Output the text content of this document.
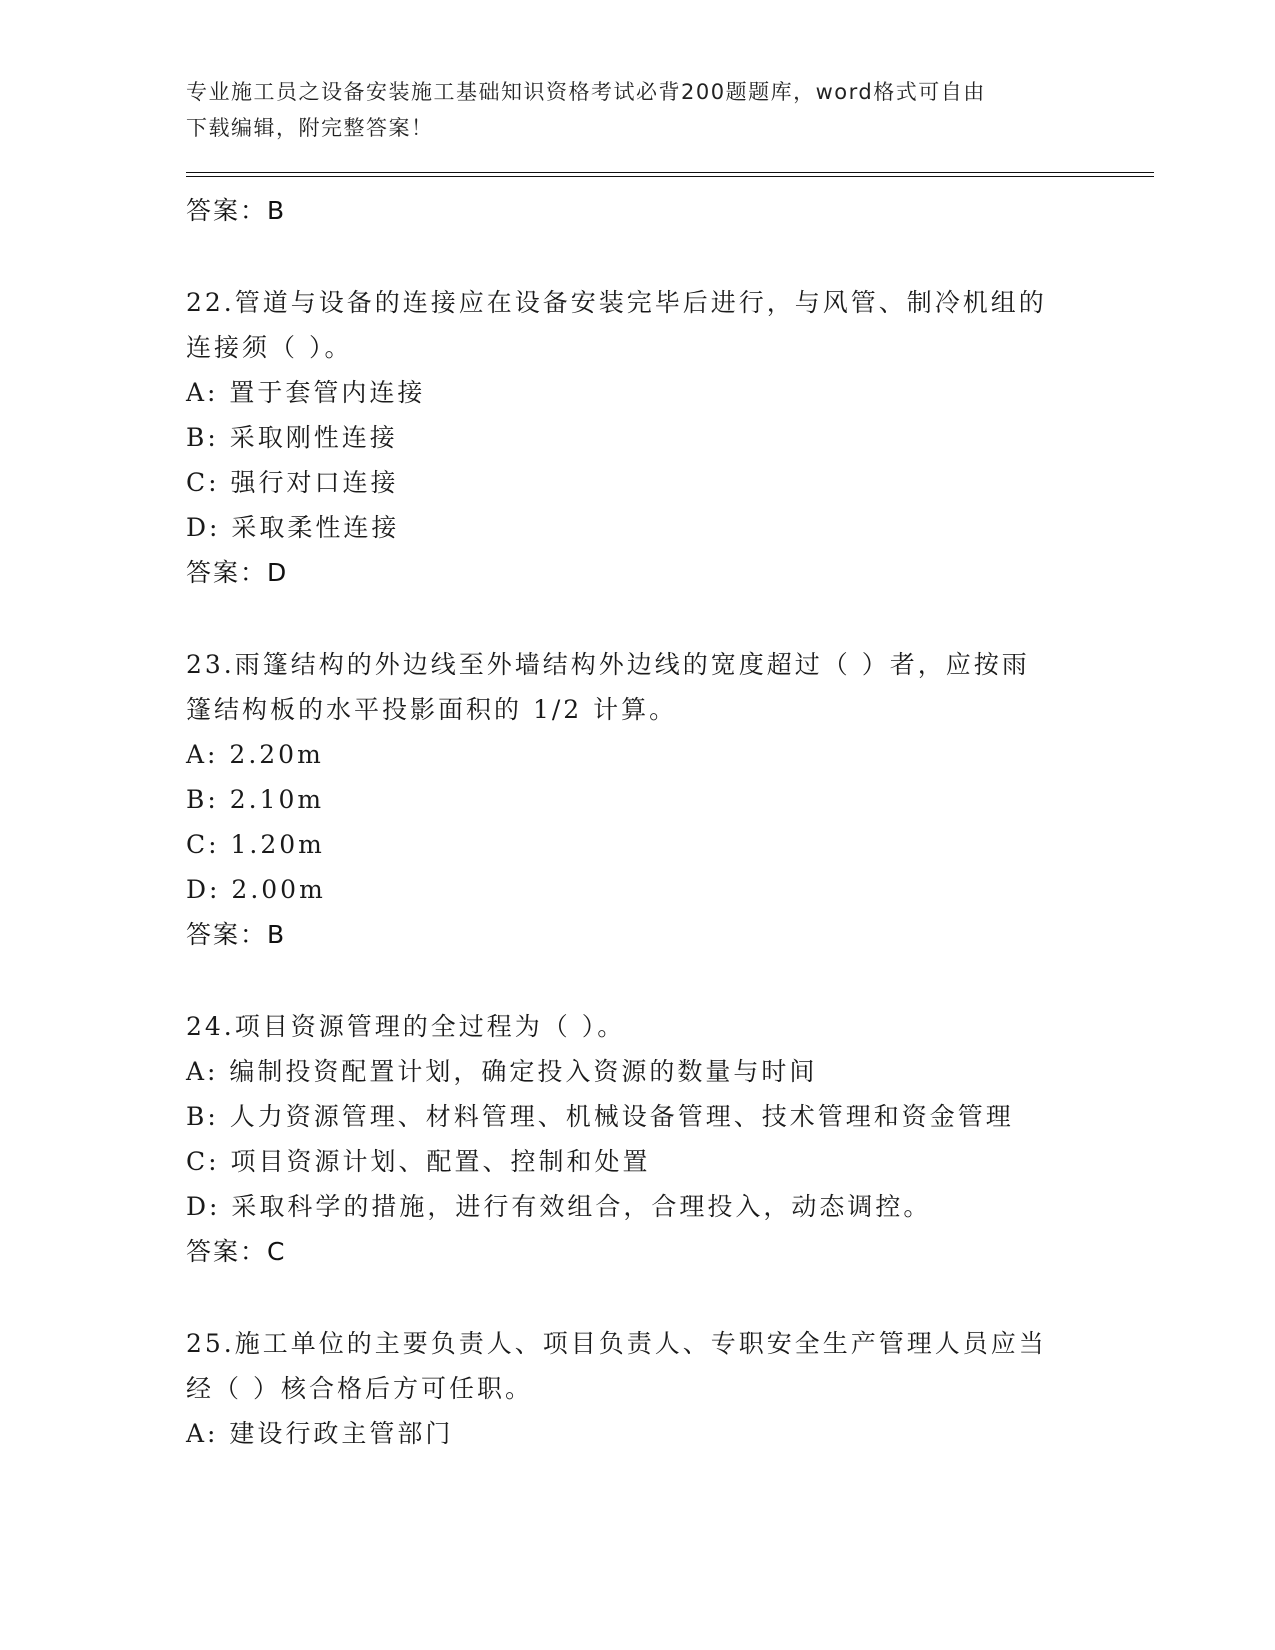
专业施工员之设备安装施工基础知识资格考试必背200题题库，word格式可自由
下载编辑，附完整答案！
答案：B
22.管道与设备的连接应在设备安装完毕后进行，与风管、制冷机组的
连接须（ ）。
A: 置于套管内连接
B: 采取刚性连接
C: 强行对口连接
D: 采取柔性连接
答案：D
23.雨篷结构的外边线至外墙结构外边线的宽度超过（ ）者，应按雨
篷结构板的水平投影面积的 1/2 计算。
A: 2.20m
B: 2.10m
C: 1.20m
D: 2.00m
答案：B
24.项目资源管理的全过程为（ ）。
A: 编制投资配置计划，确定投入资源的数量与时间
B: 人力资源管理、材料管理、机械设备管理、技术管理和资金管理
C: 项目资源计划、配置、控制和处置
D: 采取科学的措施，进行有效组合，合理投入，动态调控。
答案：C
25.施工单位的主要负责人、项目负责人、专职安全生产管理人员应当
经（ ）核合格后方可任职。
A: 建设行政主管部门
